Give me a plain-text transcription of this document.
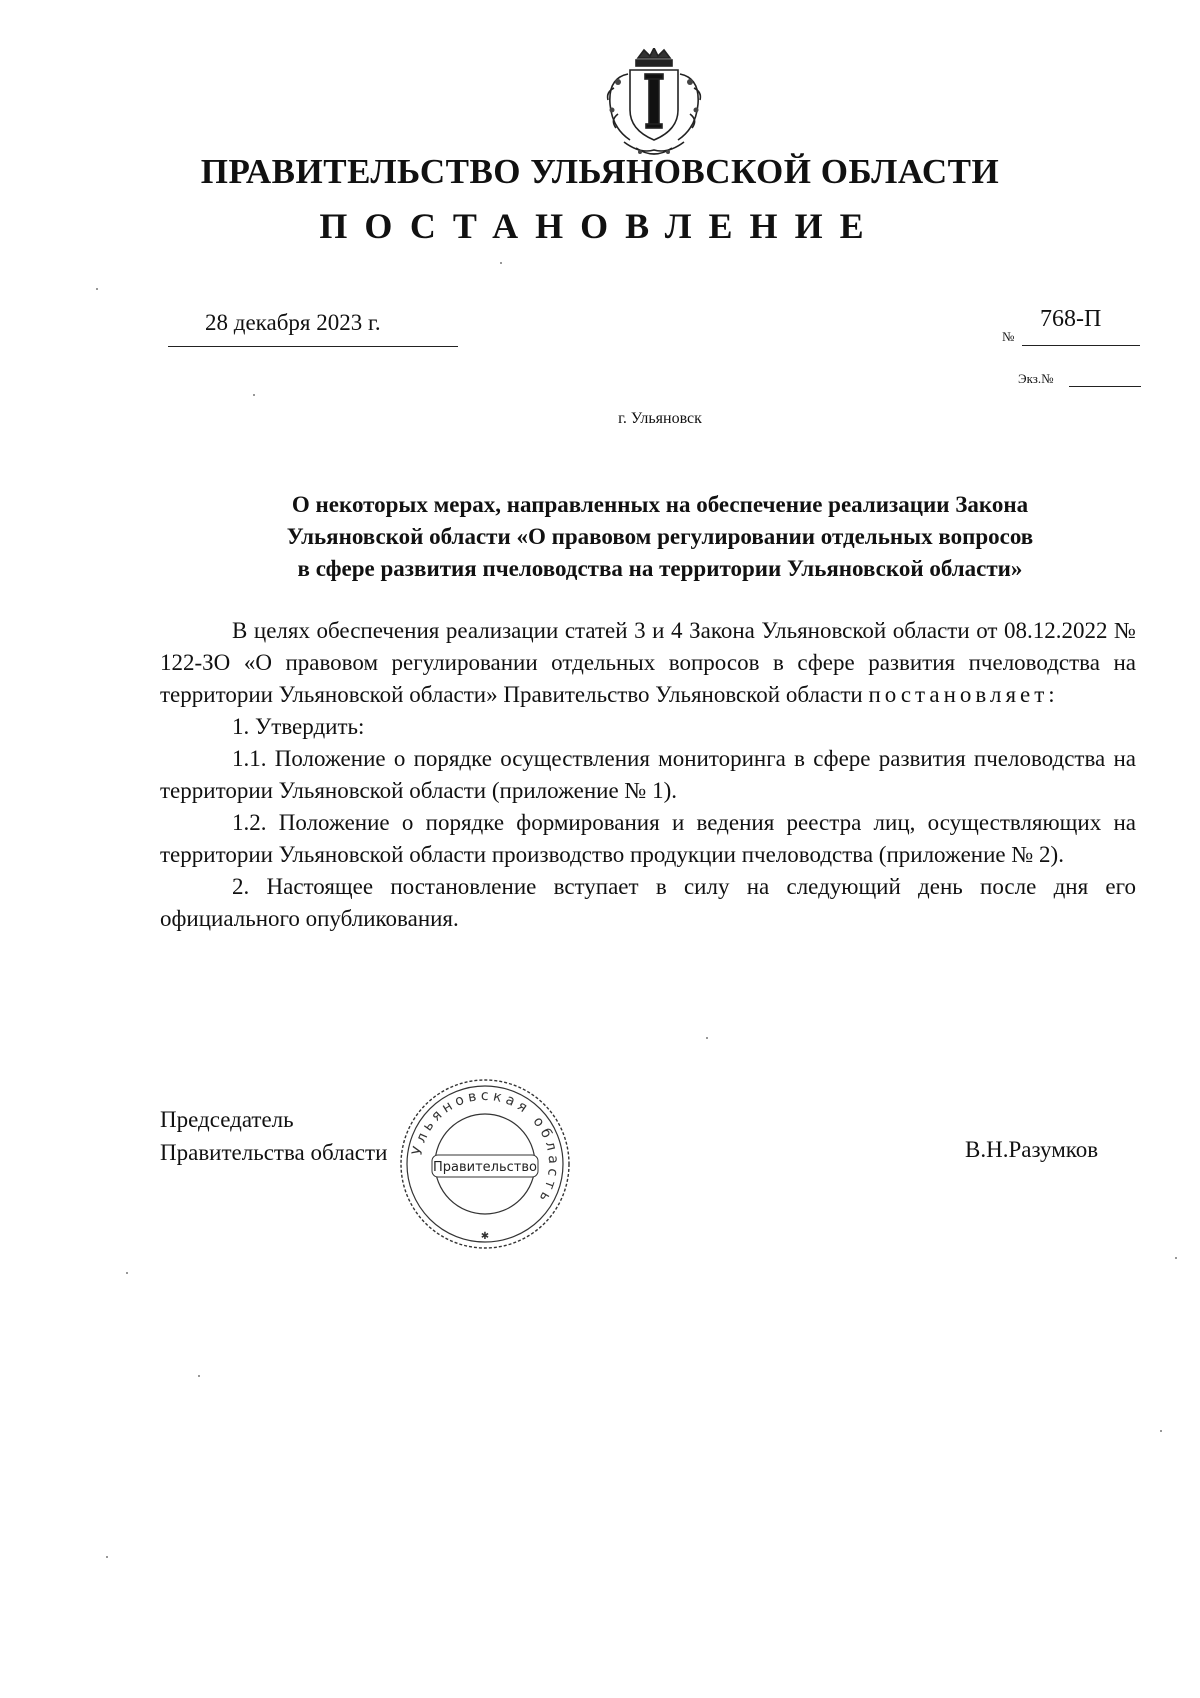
ПРАВИТЕЛЬСТВО УЛЬЯНОВСКОЙ ОБЛАСТИ
ПОСТАНОВЛЕНИЕ
28 декабря 2023 г.
№
768-П
Экз.№
г. Ульяновск
О некоторых мерах, направленных на обеспечение реализации Закона
Ульяновской области «О правовом регулировании отдельных вопросов
в сфере развития пчеловодства на территории Ульяновской области»

В целях обеспечения реализации статей 3 и 4 Закона Ульяновской области от 08.12.2022 № 122-ЗО «О правовом регулировании отдельных вопросов в сфере развития пчеловодства на территории Ульяновской области» Правительство Ульяновской области постановляет:

1. Утвердить:

1.1. Положение о порядке осуществления мониторинга в сфере развития пчеловодства на территории Ульяновской области (приложение № 1).

1.2. Положение о порядке формирования и ведения реестра лиц, осуществляющих на территории Ульяновской области производство продукции пчеловодства (приложение № 2).

2. Настоящее постановление вступает в силу на следующий день после дня его официального опубликования.

Председатель
Правительства области	В.Н.Разумков
Ульяновская область
Правительство
✱
